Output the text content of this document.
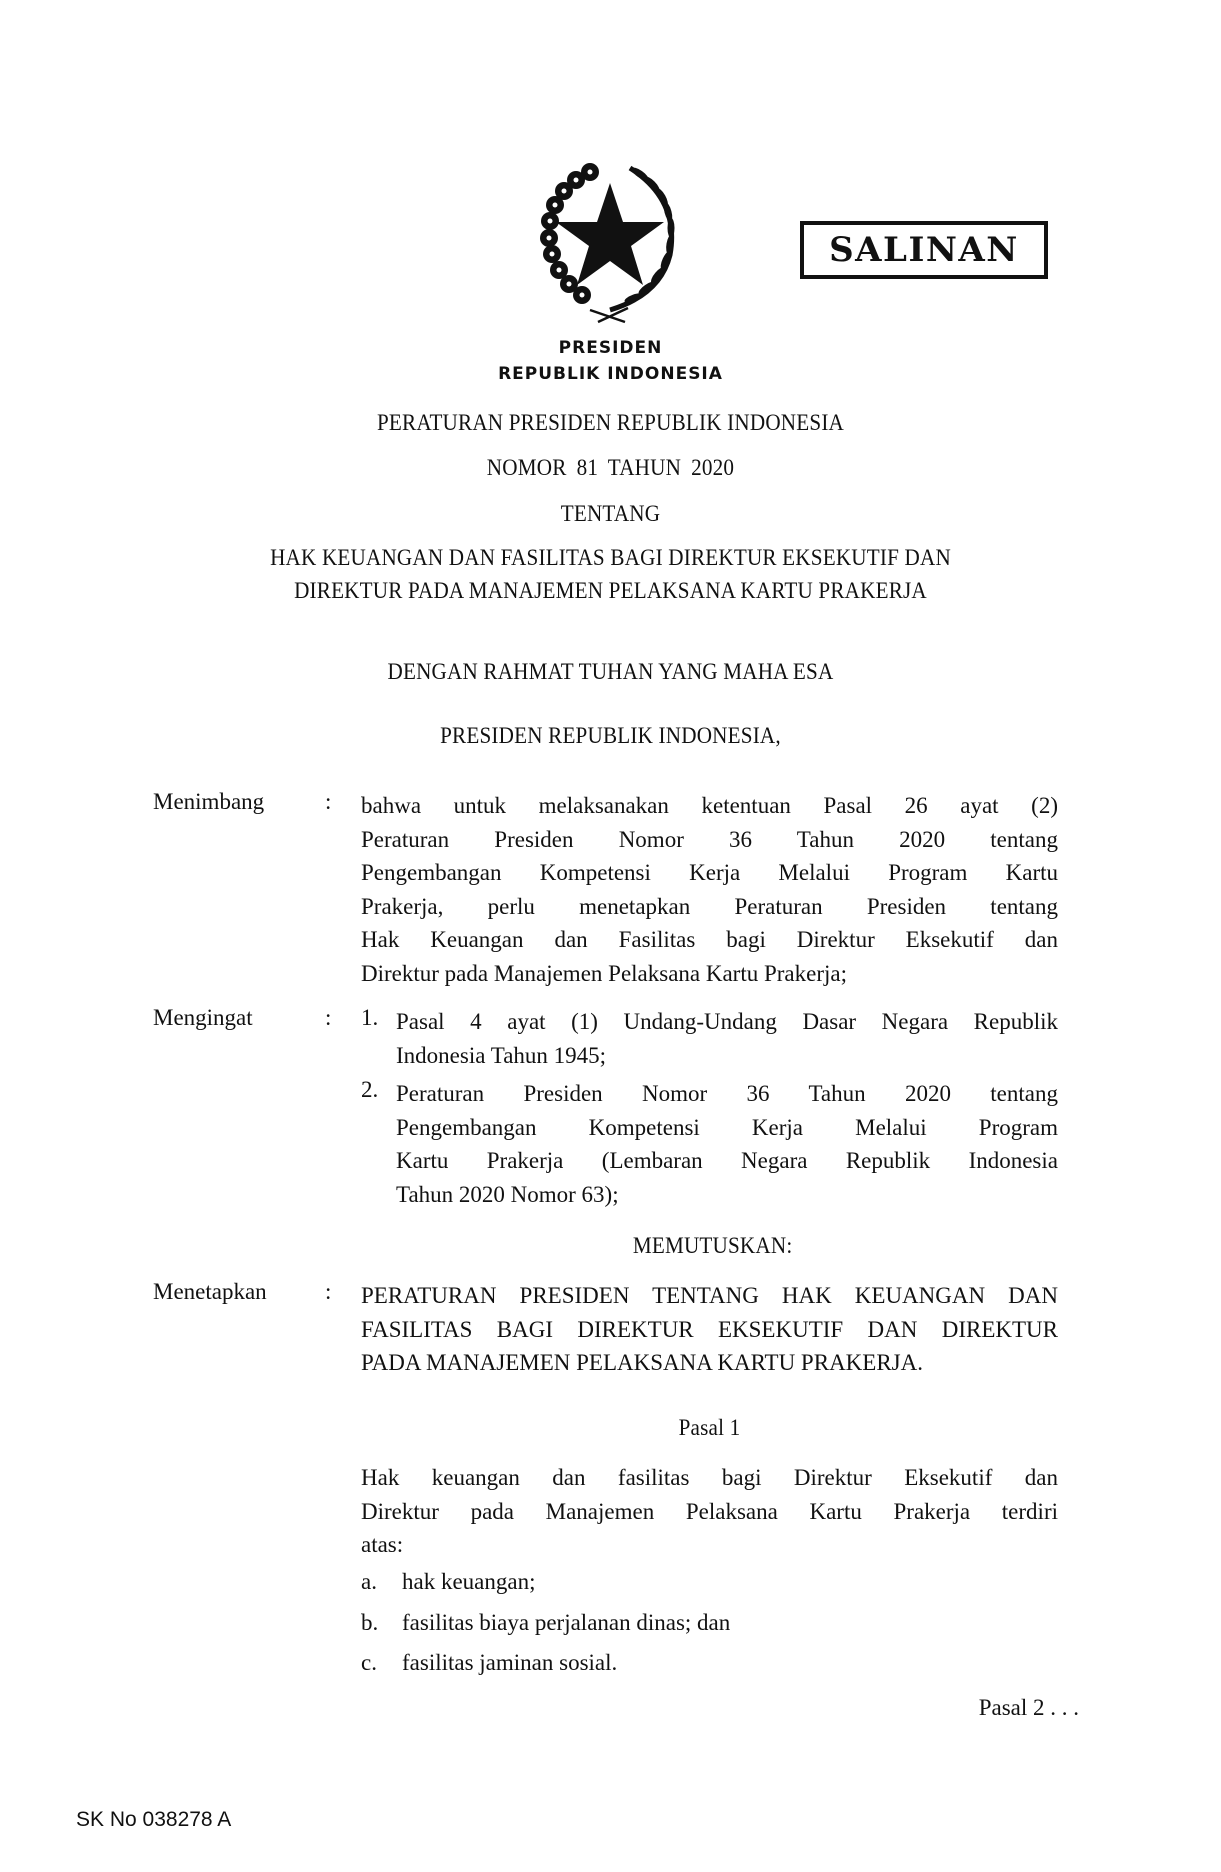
SALINAN
PRESIDEN
REPUBLIK INDONESIA
PERATURAN PRESIDEN REPUBLIK INDONESIA
NOMOR 81 TAHUN 2020
TENTANG
HAK KEUANGAN DAN FASILITAS BAGI DIREKTUR EKSEKUTIF DAN
DIREKTUR PADA MANAJEMEN PELAKSANA KARTU PRAKERJA
DENGAN RAHMAT TUHAN YANG MAHA ESA
PRESIDEN REPUBLIK INDONESIA,
Menimbang	: bahwa untuk melaksanakan ketentuan Pasal 26 ayat (2)
Peraturan Presiden Nomor 36 Tahun 2020 tentang
Pengembangan Kompetensi Kerja Melalui Program Kartu
Prakerja, perlu menetapkan Peraturan Presiden tentang
Hak Keuangan dan Fasilitas bagi Direktur Eksekutif dan
Direktur pada Manajemen Pelaksana Kartu Prakerja;
Mengingat	: 1. Pasal 4 ayat (1) Undang-Undang Dasar Negara Republik
Indonesia Tahun 1945;
2. Peraturan Presiden Nomor 36 Tahun 2020 tentang
Pengembangan Kompetensi Kerja Melalui Program
Kartu Prakerja (Lembaran Negara Republik Indonesia
Tahun 2020 Nomor 63);
MEMUTUSKAN:
Menetapkan	: PERATURAN PRESIDEN TENTANG HAK KEUANGAN DAN
FASILITAS BAGI DIREKTUR EKSEKUTIF DAN DIREKTUR
PADA MANAJEMEN PELAKSANA KARTU PRAKERJA.
Pasal 1
Hak keuangan dan fasilitas bagi Direktur Eksekutif dan
Direktur pada Manajemen Pelaksana Kartu Prakerja terdiri
atas:
a. hak keuangan;
b. fasilitas biaya perjalanan dinas; dan
c. fasilitas jaminan sosial.
Pasal 2 . . .
SK No 038278 A
